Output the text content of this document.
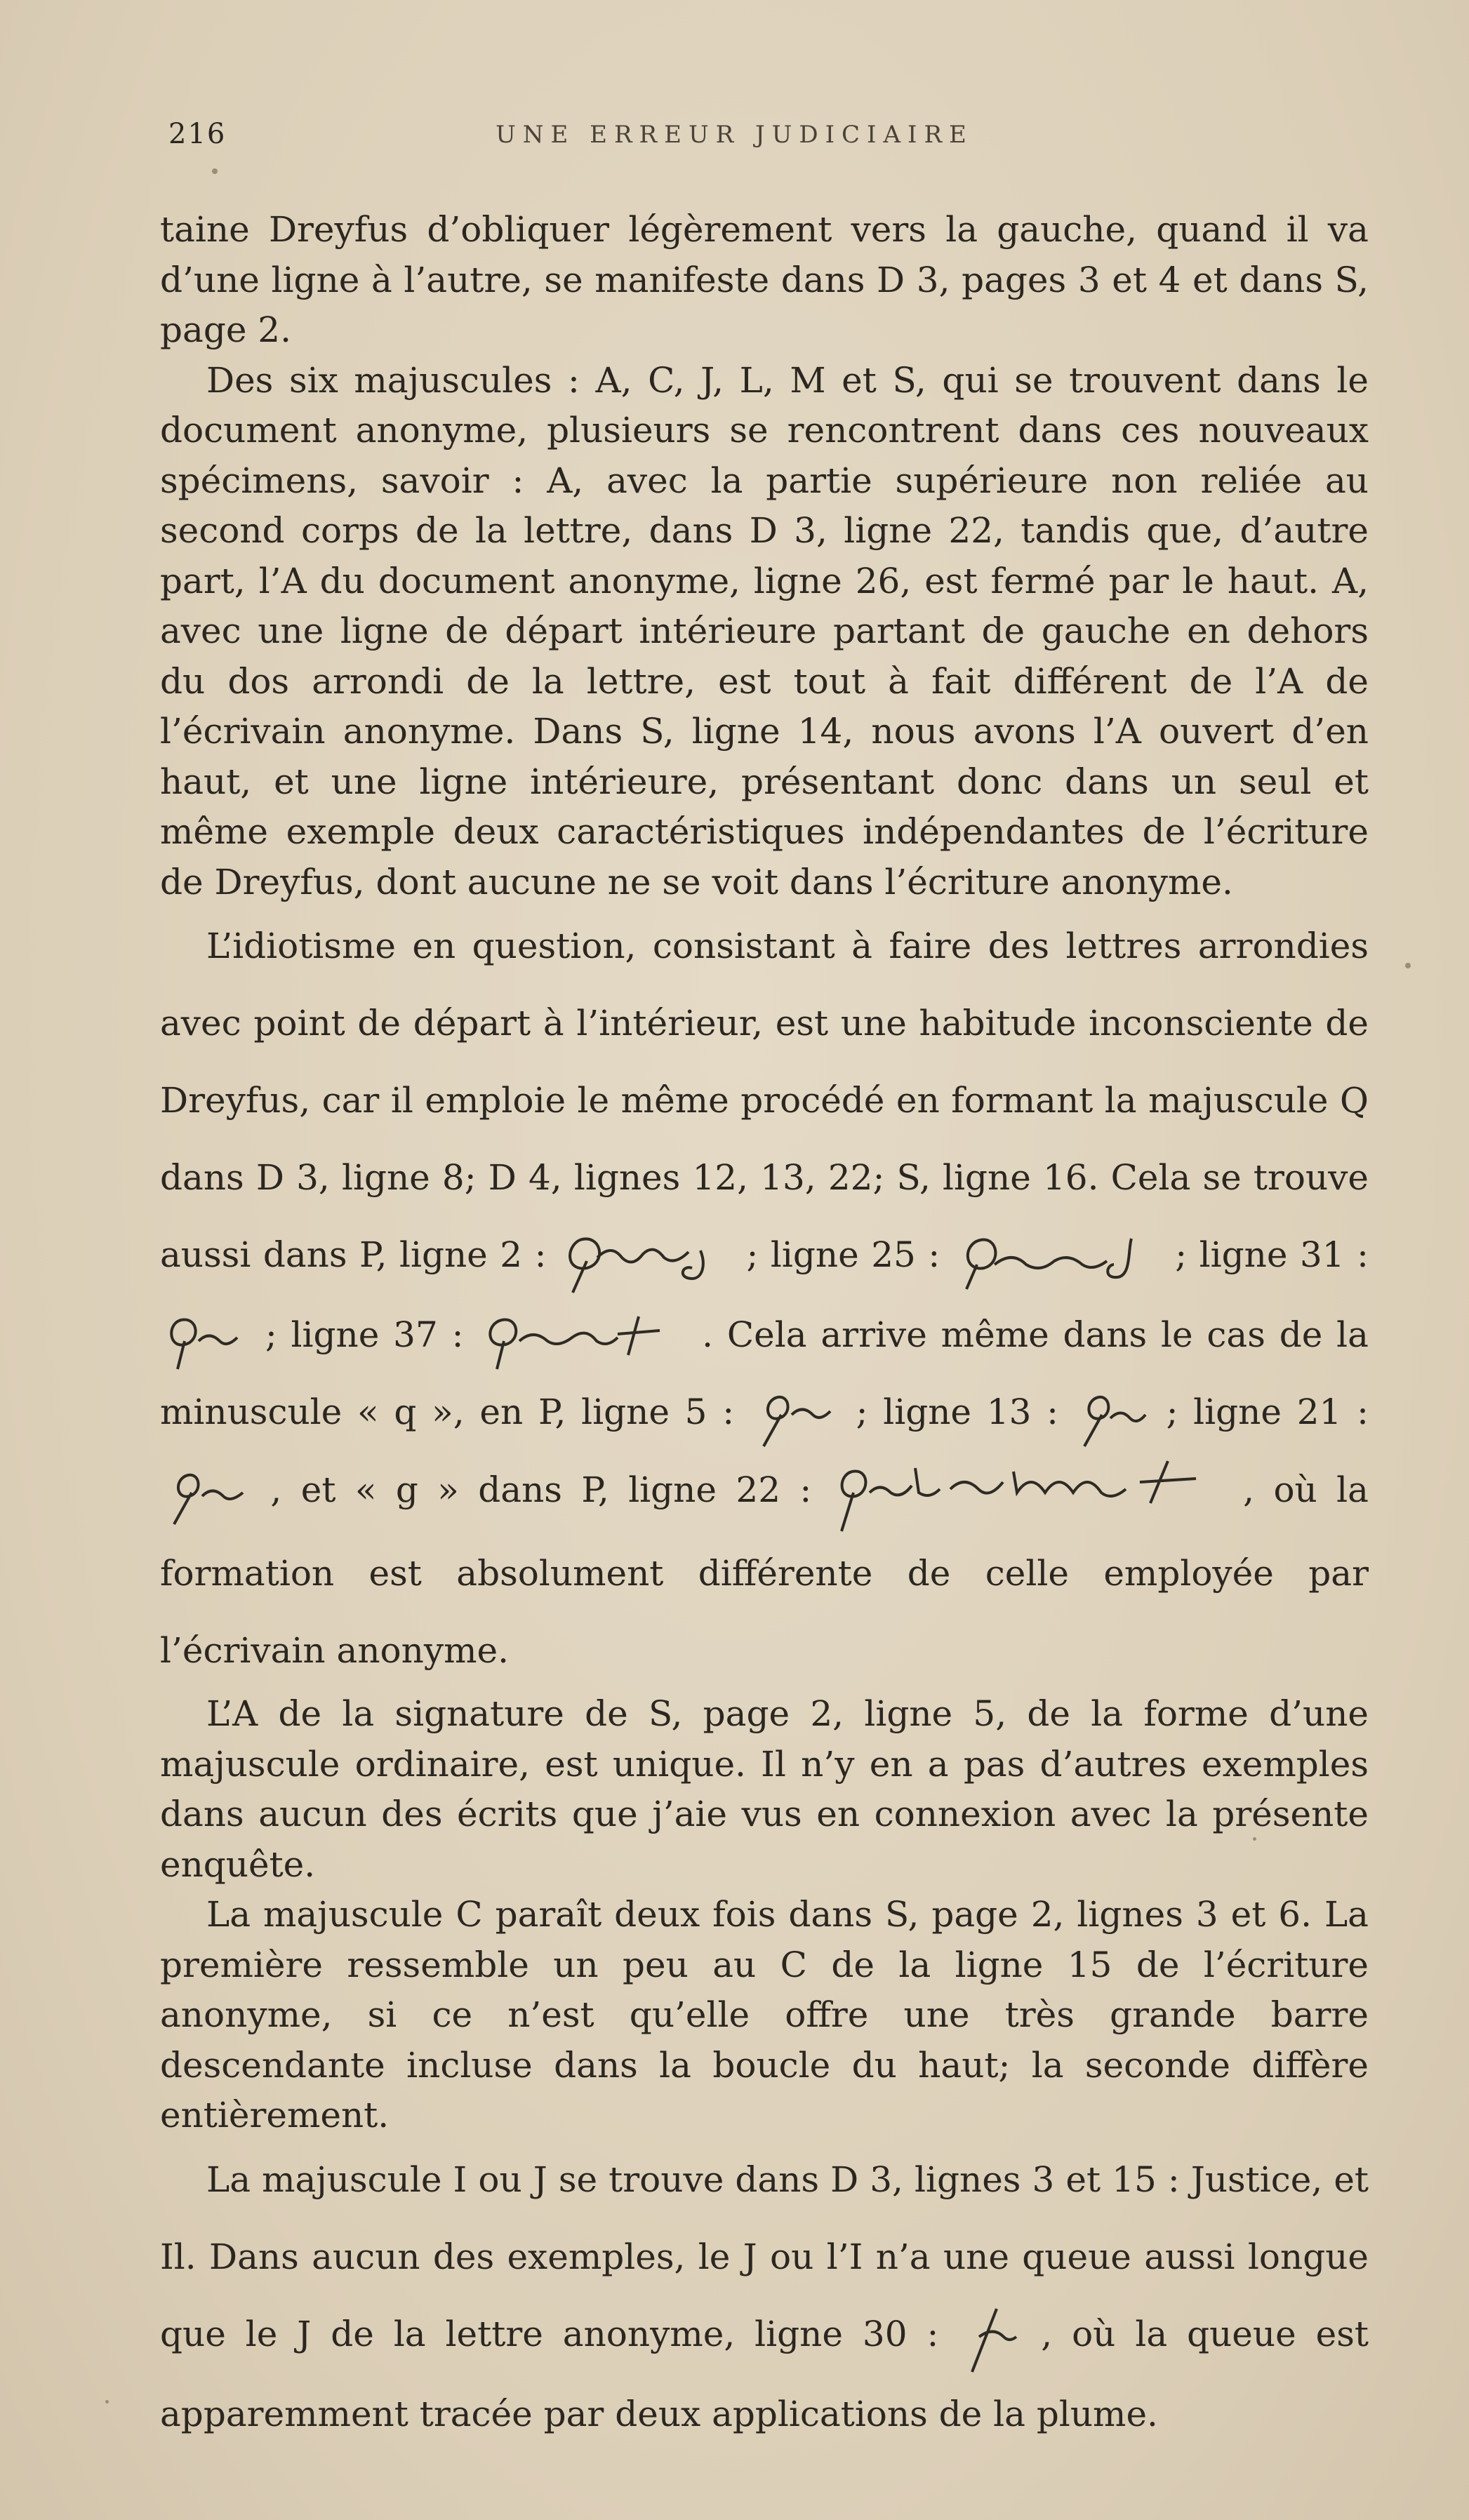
216	UNE ERREUR JUDICIAIRE

taine Dreyfus d’obliquer légèrement vers la gauche, quand il va d’une ligne à l’autre, se manifeste dans D 3, pages 3 et 4 et dans S, page 2.

Des six majuscules : A, C, J, L, M et S, qui se trouvent dans le document anonyme, plusieurs se rencontrent dans ces nouveaux spécimens, savoir : A, avec la partie supérieure non reliée au second corps de la lettre, dans D 3, ligne 22, tandis que, d’autre part, l’A du document anonyme, ligne 26, est fermé par le haut. A, avec une ligne de départ intérieure partant de gauche en dehors du dos arrondi de la lettre, est tout à fait différent de l’A de l’écrivain anonyme. Dans S, ligne 14, nous avons l’A ouvert d’en haut, et une ligne intérieure, présentant donc dans un seul et même exemple deux caractéristiques indépendantes de l’écriture de Dreyfus, dont aucune ne se voit dans l’écriture anonyme.

L’idiotisme en question, consistant à faire des lettres arrondies avec point de départ à l’intérieur, est une habitude inconsciente de Dreyfus, car il emploie le même procédé en formant la majuscule Q dans D 3, ligne 8; D 4, lignes 12, 13, 22; S, ligne 16. Cela se trouve aussi dans P, ligne 2 :	; ligne 25 :	; ligne 31 :
; ligne 37 :	. Cela arrive même dans le cas de la minuscule « q », en P, ligne 5 :	; ligne 13 :	; ligne 21 :
, et « g » dans P, ligne 22 :	, où la formation est absolument différente de celle employée par l’écrivain anonyme.

L’A de la signature de S, page 2, ligne 5, de la forme d’une majuscule ordinaire, est unique. Il n’y en a pas d’autres exemples dans aucun des écrits que j’aie vus en connexion avec la présente enquête.

La majuscule C paraît deux fois dans S, page 2, lignes 3 et 6. La première ressemble un peu au C de la ligne 15 de l’écriture anonyme, si ce n’est qu’elle offre une très grande barre descendante incluse dans la boucle du haut; la seconde diffère entièrement.

La majuscule I ou J se trouve dans D 3, lignes 3 et 15 : Justice, et Il. Dans aucun des exemples, le J ou l’I n’a une queue aussi longue que le J de la lettre anonyme, ligne 30 :	, où la queue est apparemment tracée par deux applications de la plume.
